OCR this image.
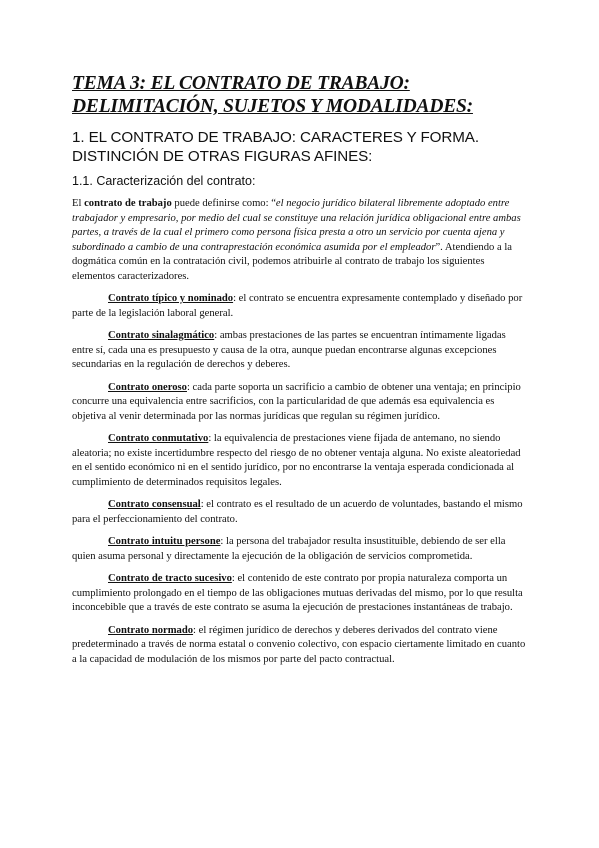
TEMA 3: EL CONTRATO DE TRABAJO:
DELIMITACIÓN, SUJETOS Y MODALIDADES:
1. EL CONTRATO DE TRABAJO: CARACTERES Y FORMA.
DISTINCIÓN DE OTRAS FIGURAS AFINES:
1.1. Caracterización del contrato:

El contrato de trabajo puede definirse como: “el negocio jurídico bilateral libremente adoptado entre trabajador y empresario, por medio del cual se constituye una relación jurídica obligacional entre ambas partes, a través de la cual el primero como persona física presta a otro un servicio por cuenta ajena y subordinado a cambio de una contraprestación económica asumida por el empleador”. Atendiendo a la dogmática común en la contratación civil, podemos atribuirle al contrato de trabajo los siguientes elementos caracterizadores.

Contrato típico y nominado: el contrato se encuentra expresamente contemplado y diseñado por parte de la legislación laboral general.

Contrato sinalagmático: ambas prestaciones de las partes se encuentran íntimamente ligadas entre sí, cada una es presupuesto y causa de la otra, aunque puedan encontrarse algunas excepciones secundarias en la regulación de derechos y deberes.

Contrato oneroso: cada parte soporta un sacrificio a cambio de obtener una ventaja; en principio concurre una equivalencia entre sacrificios, con la particularidad de que además esa equivalencia es objetiva al venir determinada por las normas jurídicas que regulan su régimen jurídico.

Contrato conmutativo: la equivalencia de prestaciones viene fijada de antemano, no siendo aleatoria; no existe incertidumbre respecto del riesgo de no obtener ventaja alguna. No existe aleatoriedad en el sentido económico ni en el sentido jurídico, por no encontrarse la ventaja esperada condicionada al cumplimiento de determinados requisitos legales.

Contrato consensual: el contrato es el resultado de un acuerdo de voluntades, bastando el mismo para el perfeccionamiento del contrato.

Contrato intuitu persone: la persona del trabajador resulta insustituible, debiendo de ser ella quien asuma personal y directamente la ejecución de la obligación de servicios comprometida.

Contrato de tracto sucesivo: el contenido de este contrato por propia naturaleza comporta un cumplimiento prolongado en el tiempo de las obligaciones mutuas derivadas del mismo, por lo que resulta inconcebible que a través de este contrato se asuma la ejecución de prestaciones instantáneas de trabajo.

Contrato normado: el régimen jurídico de derechos y deberes derivados del contrato viene predeterminado a través de norma estatal o convenio colectivo, con espacio ciertamente limitado en cuanto a la capacidad de modulación de los mismos por parte del pacto contractual.
